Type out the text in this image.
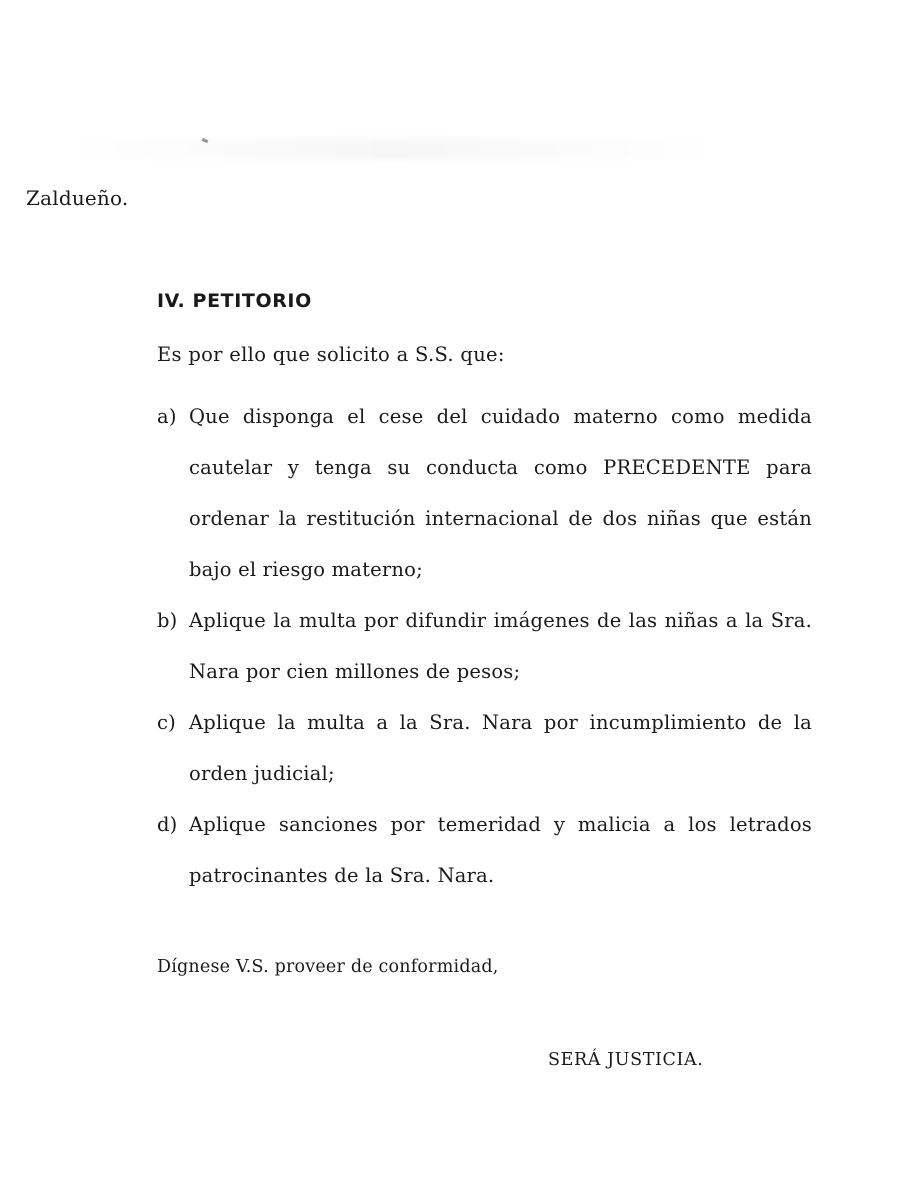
Zaldueño.
IV. PETITORIO
Es por ello que solicito a S.S. que:
a) Que disponga el cese del cuidado materno como medida cautelar y tenga su conducta como PRECEDENTE para ordenar la restitución internacional de dos niñas que están bajo el riesgo materno;
b) Aplique la multa por difundir imágenes de las niñas a la Sra. Nara por cien millones de pesos;
c) Aplique la multa a la Sra. Nara por incumplimiento de la orden judicial;
d) Aplique sanciones por temeridad y malicia a los letrados patrocinantes de la Sra. Nara.
Dígnese V.S. proveer de conformidad,
SERÁ JUSTICIA.
